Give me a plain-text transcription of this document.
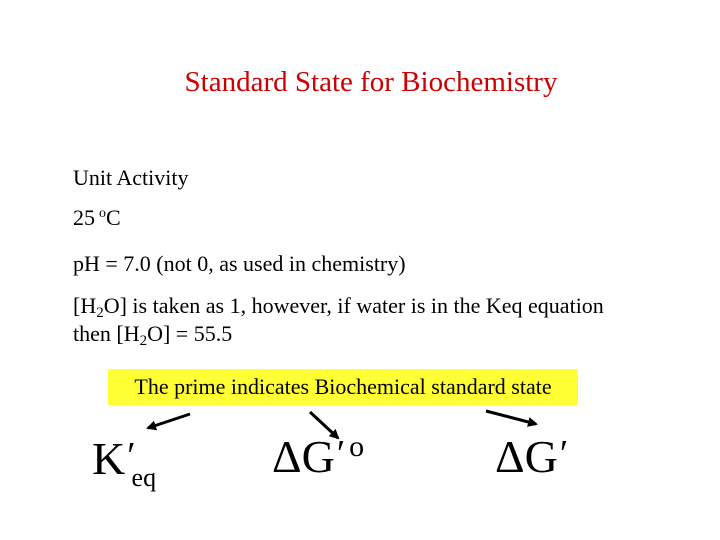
Standard State for Biochemistry
Unit Activity
25 $^o$C
pH = 7.0 (not 0, as used in chemistry)
[H2O] is taken as 1, however, if water is in the Keq equation
then [H2O] = 55.5
The prime indicates Biochemical standard state
$K'_{eq}$	ΔG′ $^o$	ΔG′
